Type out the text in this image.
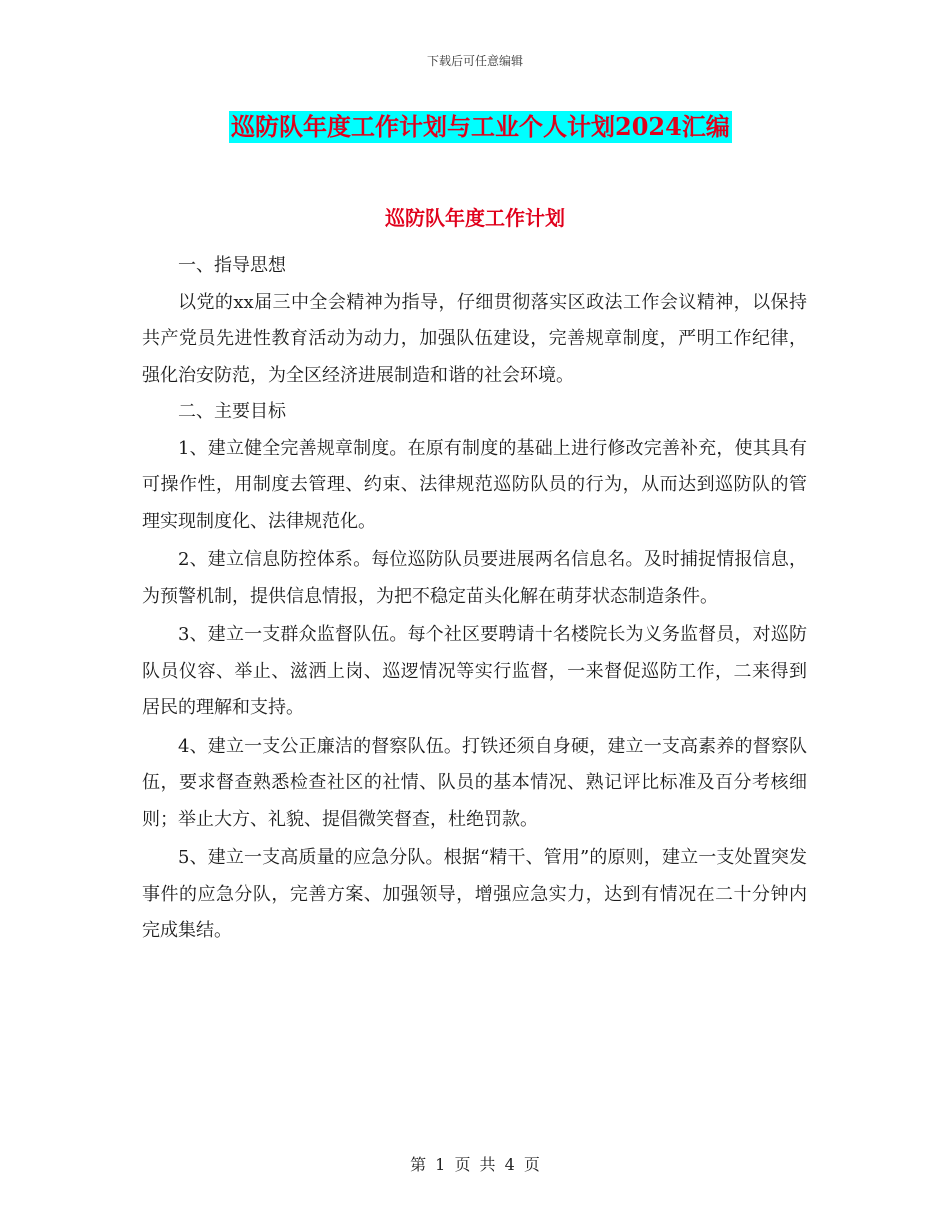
下载后可任意编辑
巡防队年度工作计划与工业个人计划2024汇编
巡防队年度工作计划

一、指导思想

以党的xx届三中全会精神为指导，仔细贯彻落实区政法工作会议精神，以保持共产党员先进性教育活动为动力，加强队伍建设，完善规章制度，严明工作纪律，强化治安防范，为全区经济进展制造和谐的社会环境。

二、主要目标

1、建立健全完善规章制度。在原有制度的基础上进行修改完善补充，使其具有可操作性，用制度去管理、约束、法律规范巡防队员的行为，从而达到巡防队的管理实现制度化、法律规范化。

2、建立信息防控体系。每位巡防队员要进展两名信息名。及时捕捉情报信息，为预警机制，提供信息情报，为把不稳定苗头化解在萌芽状态制造条件。

3、建立一支群众监督队伍。每个社区要聘请十名楼院长为义务监督员，对巡防队员仪容、举止、滋洒上岗、巡逻情况等实行监督，一来督促巡防工作，二来得到居民的理解和支持。

4、建立一支公正廉洁的督察队伍。打铁还须自身硬，建立一支高素养的督察队伍，要求督查熟悉检查社区的社情、队员的基本情况、熟记评比标准及百分考核细则；举止大方、礼貌、提倡微笑督查，杜绝罚款。

5、建立一支高质量的应急分队。根据“精干、管用”的原则，建立一支处置突发事件的应急分队，完善方案、加强领导，增强应急实力，达到有情况在二十分钟内完成集结。

第 1 页 共 4 页
